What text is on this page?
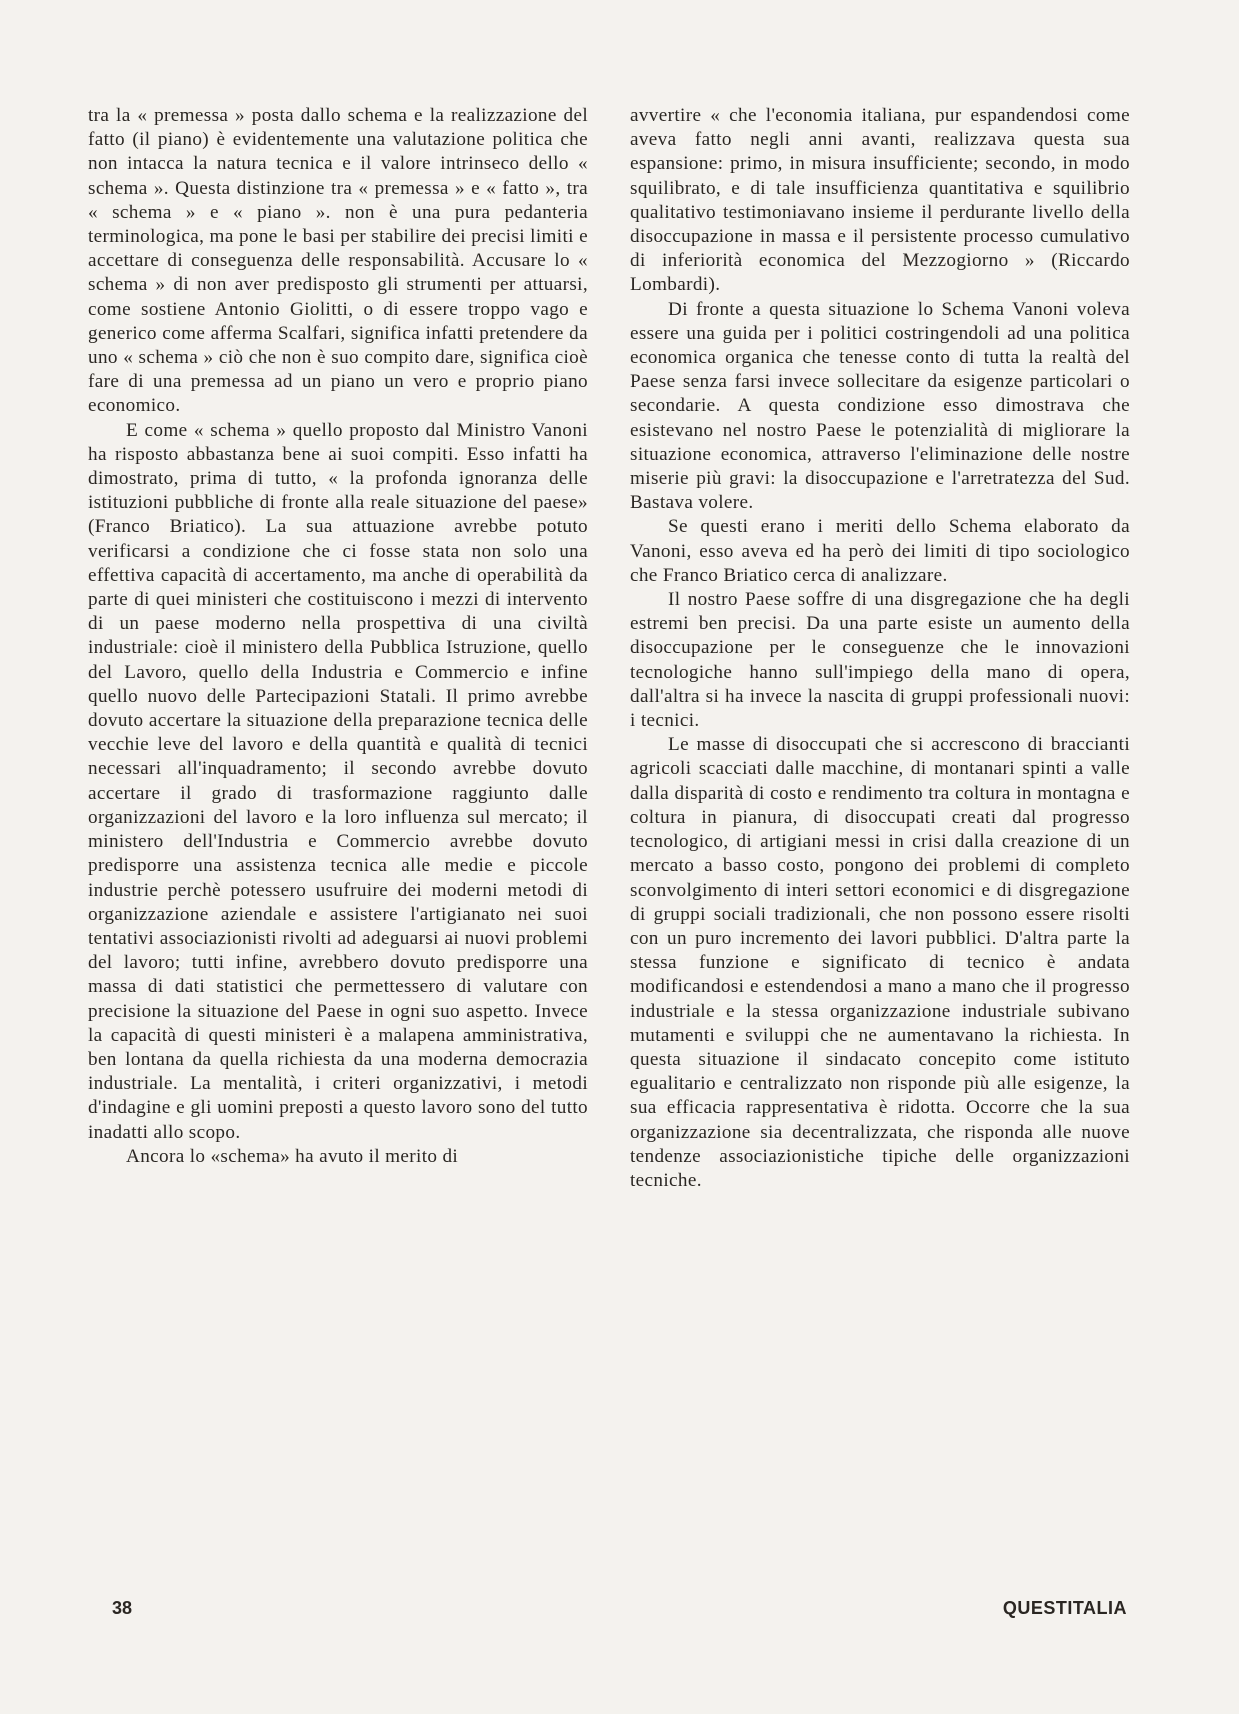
tra la « premessa » posta dallo schema e la realizzazione del fatto (il piano) è evidentemente una valutazione politica che non intacca la natura tecnica e il valore intrinseco dello « schema ». Questa distinzione tra « premessa » e « fatto », tra « schema » e « piano ». non è una pura pedanteria terminologica, ma pone le basi per stabilire dei precisi limiti e accettare di conseguenza delle responsabilità. Accusare lo « schema » di non aver predisposto gli strumenti per attuarsi, come sostiene Antonio Giolitti, o di essere troppo vago e generico come afferma Scalfari, significa infatti pretendere da uno « schema » ciò che non è suo compito dare, significa cioè fare di una premessa ad un piano un vero e proprio piano economico.

E come « schema » quello proposto dal Ministro Vanoni ha risposto abbastanza bene ai suoi compiti. Esso infatti ha dimostrato, prima di tutto, « la profonda ignoranza delle istituzioni pubbliche di fronte alla reale situazione del paese» (Franco Briatico). La sua attuazione avrebbe potuto verificarsi a condizione che ci fosse stata non solo una effettiva capacità di accertamento, ma anche di operabilità da parte di quei ministeri che costituiscono i mezzi di intervento di un paese moderno nella prospettiva di una civiltà industriale: cioè il ministero della Pubblica Istruzione, quello del Lavoro, quello della Industria e Commercio e infine quello nuovo delle Partecipazioni Statali. Il primo avrebbe dovuto accertare la situazione della preparazione tecnica delle vecchie leve del lavoro e della quantità e qualità di tecnici necessari all'inquadramento; il secondo avrebbe dovuto accertare il grado di trasformazione raggiunto dalle organizzazioni del lavoro e la loro influenza sul mercato; il ministero dell'Industria e Commercio avrebbe dovuto predisporre una assistenza tecnica alle medie e piccole industrie perchè potessero usufruire dei moderni metodi di organizzazione aziendale e assistere l'artigianato nei suoi tentativi associazionisti rivolti ad adeguarsi ai nuovi problemi del lavoro; tutti infine, avrebbero dovuto predisporre una massa di dati statistici che permettessero di valutare con precisione la situazione del Paese in ogni suo aspetto. Invece la capacità di questi ministeri è a malapena amministrativa, ben lontana da quella richiesta da una moderna democrazia industriale. La mentalità, i criteri organizzativi, i metodi d'indagine e gli uomini preposti a questo lavoro sono del tutto inadatti allo scopo.

Ancora lo «schema» ha avuto il merito di

avvertire « che l'economia italiana, pur espandendosi come aveva fatto negli anni avanti, realizzava questa sua espansione: primo, in misura insufficiente; secondo, in modo squilibrato, e di tale insufficienza quantitativa e squilibrio qualitativo testimoniavano insieme il perdurante livello della disoccupazione in massa e il persistente processo cumulativo di inferiorità economica del Mezzogiorno » (Riccardo Lombardi).

Di fronte a questa situazione lo Schema Vanoni voleva essere una guida per i politici costringendoli ad una politica economica organica che tenesse conto di tutta la realtà del Paese senza farsi invece sollecitare da esigenze particolari o secondarie. A questa condizione esso dimostrava che esistevano nel nostro Paese le potenzialità di migliorare la situazione economica, attraverso l'eliminazione delle nostre miserie più gravi: la disoccupazione e l'arretratezza del Sud. Bastava volere.

Se questi erano i meriti dello Schema elaborato da Vanoni, esso aveva ed ha però dei limiti di tipo sociologico che Franco Briatico cerca di analizzare.

Il nostro Paese soffre di una disgregazione che ha degli estremi ben precisi. Da una parte esiste un aumento della disoccupazione per le conseguenze che le innovazioni tecnologiche hanno sull'impiego della mano di opera, dall'altra si ha invece la nascita di gruppi professionali nuovi: i tecnici.

Le masse di disoccupati che si accrescono di braccianti agricoli scacciati dalle macchine, di montanari spinti a valle dalla disparità di costo e rendimento tra coltura in montagna e coltura in pianura, di disoccupati creati dal progresso tecnologico, di artigiani messi in crisi dalla creazione di un mercato a basso costo, pongono dei problemi di completo sconvolgimento di interi settori economici e di disgregazione di gruppi sociali tradizionali, che non possono essere risolti con un puro incremento dei lavori pubblici. D'altra parte la stessa funzione e significato di tecnico è andata modificandosi e estendendosi a mano a mano che il progresso industriale e la stessa organizzazione industriale subivano mutamenti e sviluppi che ne aumentavano la richiesta. In questa situazione il sindacato concepito come istituto egualitario e centralizzato non risponde più alle esigenze, la sua efficacia rappresentativa è ridotta. Occorre che la sua organizzazione sia decentralizzata, che risponda alle nuove tendenze associazionistiche tipiche delle organizzazioni tecniche.

38	QUESTITALIA
